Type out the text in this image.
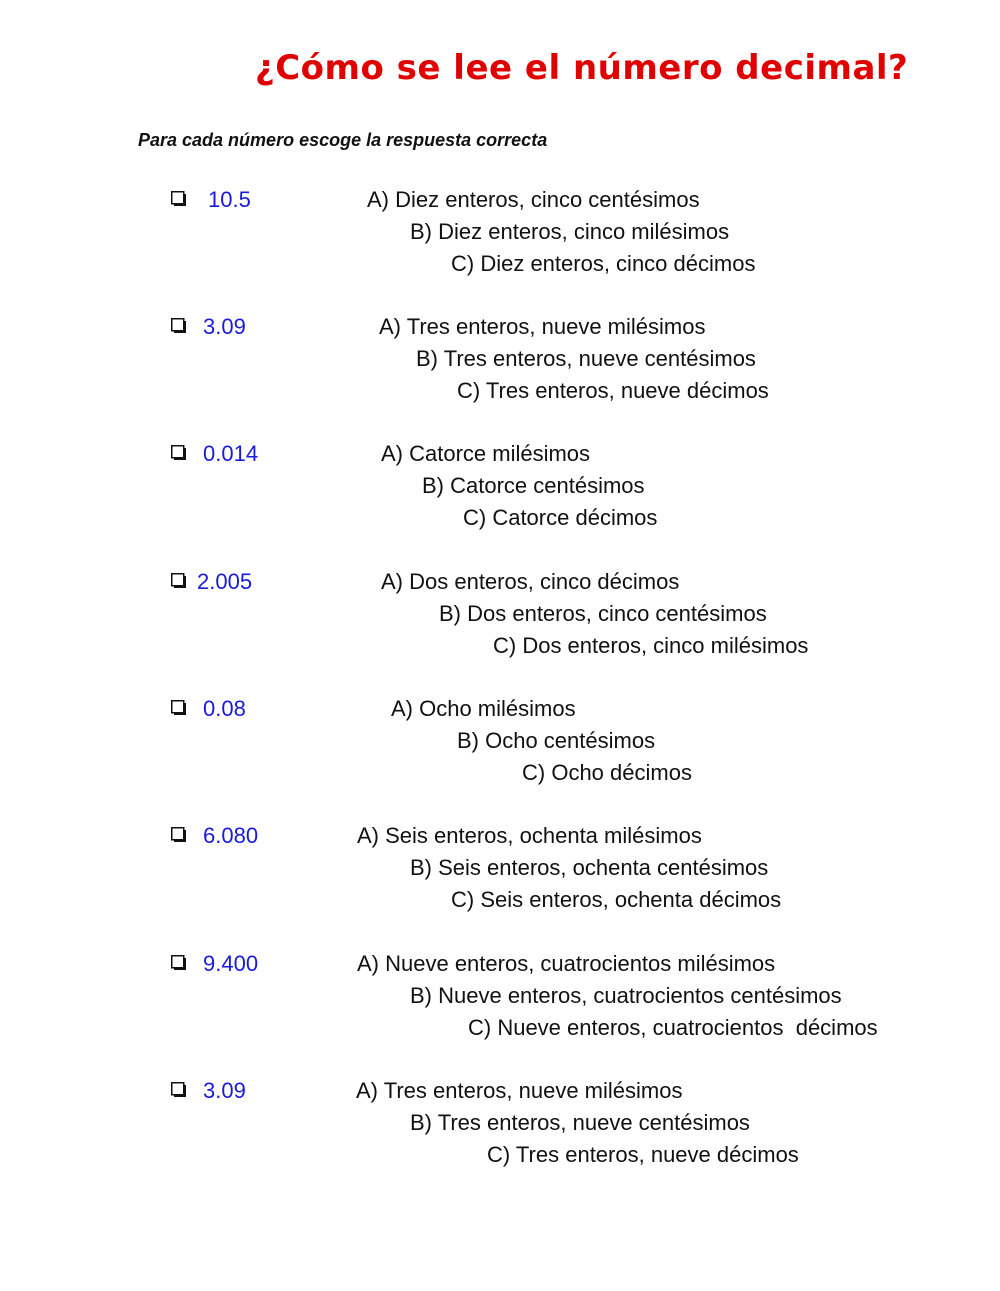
¿Cómo se lee el número decimal?
Para cada número escoge la respuesta correcta
10.5	A) Diez enteros, cinco centésimos
B) Diez enteros, cinco milésimos
C) Diez enteros, cinco décimos
3.09	A) Tres enteros, nueve milésimos
B) Tres enteros, nueve centésimos
C) Tres enteros, nueve décimos
0.014	A) Catorce milésimos
B) Catorce centésimos
C) Catorce décimos
2.005	A) Dos enteros, cinco décimos
B) Dos enteros, cinco centésimos
C) Dos enteros, cinco milésimos
0.08	A) Ocho milésimos
B) Ocho centésimos
C) Ocho décimos
6.080	A) Seis enteros, ochenta milésimos
B) Seis enteros, ochenta centésimos
C) Seis enteros, ochenta décimos
9.400	A) Nueve enteros, cuatrocientos milésimos
B) Nueve enteros, cuatrocientos centésimos
C) Nueve enteros, cuatrocientos  décimos
3.09	A) Tres enteros, nueve milésimos
B) Tres enteros, nueve centésimos
C) Tres enteros, nueve décimos
